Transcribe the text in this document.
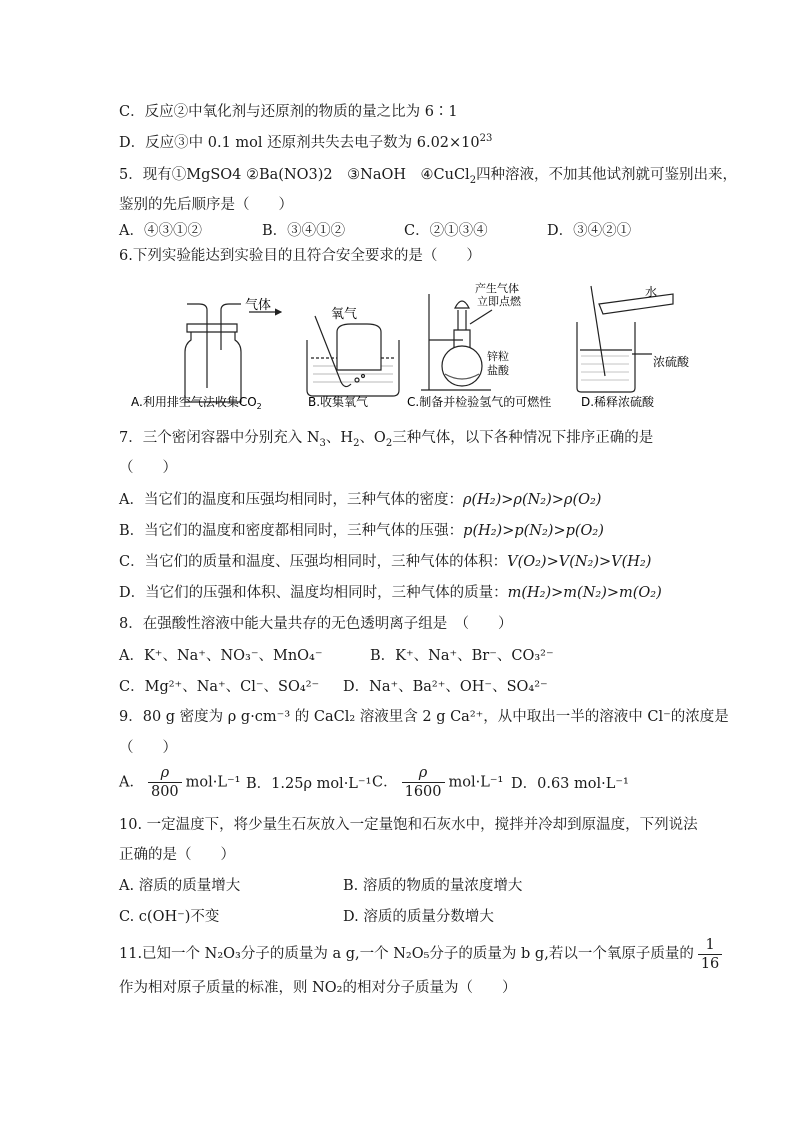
C．反应②中氧化剂与还原剂的物质的量之比为 6∶1
D．反应③中 0.1 mol 还原剂共失去电子数为 $6.02\times 10^{23}$
5．现有①MgSO4 ②Ba(NO3)2　③NaOH　④CuCl$_2$四种溶液，不加其他试剂就可鉴别出来，
鉴别的先后顺序是（　　）
A．④③①②	B．③④①②	C．②①③④	D．③④②①
6.下列实验能达到实验目的且符合安全要求的是（　　）
气体
A.利用排空气法收集$CO_2$
氧气
B.收集氧气
产生气体
立即点燃
锌粒
盐酸
C.制备并检验氢气的可燃性
水
浓硫酸
D.稀释浓硫酸
7．三个密闭容器中分别充入 $N_3$、$H_2$、$O_2$三种气体，以下各种情况下排序正确的是
（　　）
A．当它们的温度和压强均相同时，三种气体的密度：ρ(H₂)>ρ(N₂)>ρ(O₂)
B．当它们的温度和密度都相同时，三种气体的压强：p(H₂)>p(N₂)>p(O₂)
C．当它们的质量和温度、压强均相同时，三种气体的体积：V(O₂)>V(N₂)>V(H₂)
D．当它们的压强和体积、温度均相同时，三种气体的质量：m(H₂)>m(N₂)>m(O₂)
8．在强酸性溶液中能大量共存的无色透明离子组是　（　　）
A．K⁺、Na⁺、NO₃⁻、MnO₄⁻	B．K⁺、Na⁺、Br⁻、CO₃²⁻
C．Mg²⁺、Na⁺、Cl⁻、SO₄²⁻ D．Na⁺、Ba²⁺、OH⁻、SO₄²⁻
9．80 g 密度为 ρ g·cm⁻³ 的 CaCl₂ 溶液里含 2 g Ca²⁺，从中取出一半的溶液中 Cl⁻的浓度是
（　　）
A． $\frac{\rho}{800} mol\cdot L^{-1}$ B．1.25ρ mol·L⁻¹ C． $\frac{\rho}{1600} mol\cdot L^{-1}$ D．0.63 mol·L⁻¹
10. 一定温度下，将少量生石灰放入一定量饱和石灰水中，搅拌并冷却到原温度，下列说法
正确的是（　　）
A. 溶质的质量增大	B. 溶质的物质的量浓度增大
C. c(OH⁻)不变	D. 溶质的质量分数增大
11.已知一个 N₂O₃分子的质量为 a g,一个 N₂O₅分子的质量为 b g,若以一个氧原子质量的 $\frac{1}{16}$
作为相对原子质量的标准，则 NO₂的相对分子质量为（　　）
